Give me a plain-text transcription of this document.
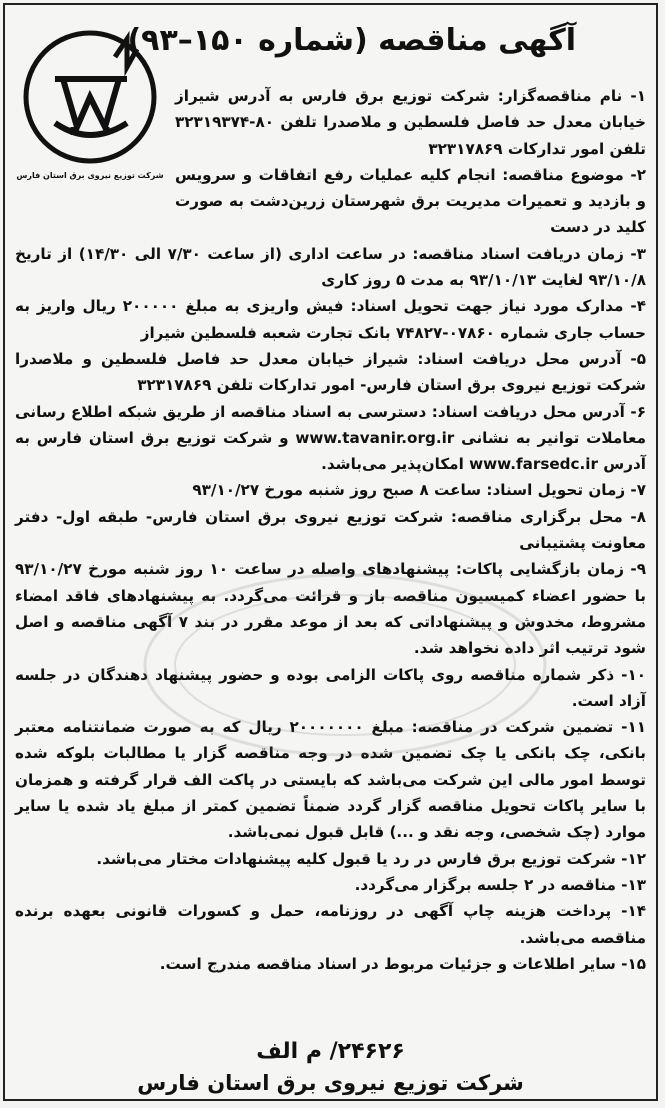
شرکت توزیع نیروی برق استان فارس
آگهی مناقصه (شماره ۱۵۰–۹۳)

۱- نام مناقصه‌گزار: شرکت توزیع برق فارس به آدرس شیراز خیابان معدل حد فاصل فلسطین و ملاصدرا تلفن ۸۰-۳۲۳۱۹۳۷۴ تلفن امور تدارکات ۳۲۳۱۷۸۶۹

۲- موضوع مناقصه: انجام کلیه عملیات رفع اتفاقات و سرویس و بازدید و تعمیرات مدیریت برق شهرستان زرین‌دشت به صورت کلید در دست

۳- زمان دریافت اسناد مناقصه: در ساعت اداری (از ساعت ۷/۳۰ الی ۱۴/۳۰) از تاریخ ۹۳/۱۰/۸ لغایت ۹۳/۱۰/۱۳ به مدت ۵ روز کاری

۴- مدارک مورد نیاز جهت تحویل اسناد: فیش واریزی به مبلغ ۲۰۰۰۰۰ ریال واریز به حساب جاری شماره ۰۷۸۶۰-۷۴۸۲۷ بانک تجارت شعبه فلسطین شیراز

۵- آدرس محل دریافت اسناد: شیراز خیابان معدل حد فاصل فلسطین و ملاصدرا شرکت توزیع نیروی برق استان فارس- امور تدارکات تلفن ۳۲۳۱۷۸۶۹

۶- آدرس محل دریافت اسناد: دسترسی به اسناد مناقصه از طریق شبکه اطلاع رسانی معاملات توانیر به نشانی www.tavanir.org.ir و شرکت توزیع برق استان فارس به آدرس www.farsedc.ir امکان‌پذیر می‌باشد.

۷- زمان تحویل اسناد: ساعت ۸ صبح روز شنبه مورخ ۹۳/۱۰/۲۷

۸- محل برگزاری مناقصه: شرکت توزیع نیروی برق استان فارس- طبقه اول- دفتر معاونت پشتیبانی

۹- زمان بازگشایی پاکات: پیشنهادهای واصله در ساعت ۱۰ روز شنبه مورخ ۹۳/۱۰/۲۷ با حضور اعضاء کمیسیون مناقصه باز و قرائت می‌گردد. به پیشنهادهای فاقد امضاء مشروط، مخدوش و پیشنهاداتی که بعد از موعد مقرر در بند ۷ آگهی مناقصه و اصل شود ترتیب اثر داده نخواهد شد.

۱۰- ذکر شماره مناقصه روی پاکات الزامی بوده و حضور پیشنهاد دهندگان در جلسه آزاد است.

۱۱- تضمین شرکت در مناقصه: مبلغ ۲۰۰۰۰۰۰۰ ریال که به صورت ضمانتنامه معتبر بانکی، چک بانکی یا چک تضمین شده در وجه مناقصه گزار یا مطالبات بلوکه شده توسط امور مالی این شرکت می‌باشد که بایستی در پاکت الف قرار گرفته و همزمان با سایر پاکات تحویل مناقصه گزار گردد ضمناً تضمین کمتر از مبلغ یاد شده یا سایر موارد (چک شخصی، وجه نقد و ...) قابل قبول نمی‌باشد.

۱۲- شرکت توزیع برق فارس در رد یا قبول کلیه پیشنهادات مختار می‌باشد.

۱۳- مناقصه در ۲ جلسه برگزار می‌گردد.

۱۴- پرداخت هزینه چاپ آگهی در روزنامه، حمل و کسورات قانونی بعهده برنده مناقصه می‌باشد.

۱۵- سایر اطلاعات و جزئیات مربوط در اسناد مناقصه مندرج است.

۲۴۶۲۶/ م الف
شرکت توزیع نیروی برق استان فارس
